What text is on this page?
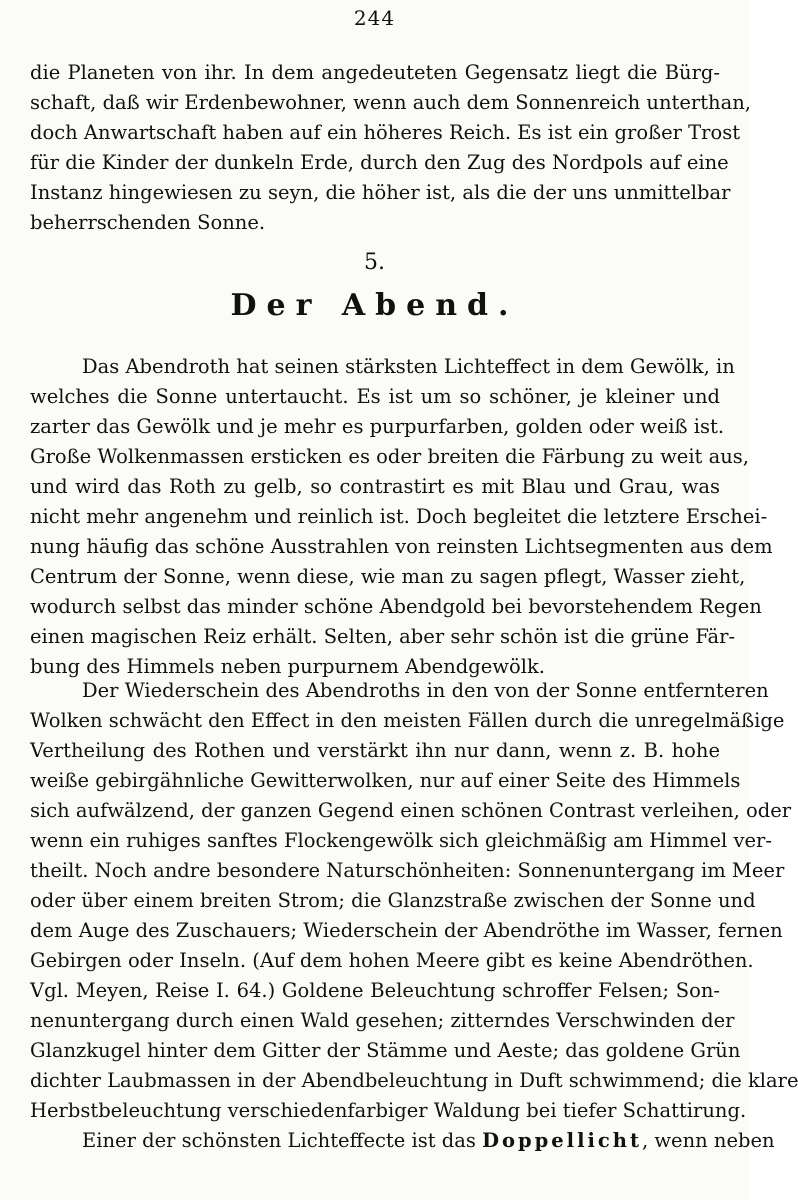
244
die Planeten von ihr. In dem angedeuteten Gegensatz liegt die Bürg-
schaft, daß wir Erdenbewohner, wenn auch dem Sonnenreich unterthan,
doch Anwartschaft haben auf ein höheres Reich. Es ist ein großer Trost
für die Kinder der dunkeln Erde, durch den Zug des Nordpols auf eine
Instanz hingewiesen zu seyn, die höher ist, als die der uns unmittelbar
beherrschenden Sonne.
5.
Der Abend.
Das Abendroth hat seinen stärksten Lichteffect in dem Gewölk, in
welches die Sonne untertaucht. Es ist um so schöner, je kleiner und
zarter das Gewölk und je mehr es purpurfarben, golden oder weiß ist.
Große Wolkenmassen ersticken es oder breiten die Färbung zu weit aus,
und wird das Roth zu gelb, so contrastirt es mit Blau und Grau, was
nicht mehr angenehm und reinlich ist. Doch begleitet die letztere Erschei-
nung häufig das schöne Ausstrahlen von reinsten Lichtsegmenten aus dem
Centrum der Sonne, wenn diese, wie man zu sagen pflegt, Wasser zieht,
wodurch selbst das minder schöne Abendgold bei bevorstehendem Regen
einen magischen Reiz erhält. Selten, aber sehr schön ist die grüne Fär-
bung des Himmels neben purpurnem Abendgewölk.
Der Wiederschein des Abendroths in den von der Sonne entfernteren
Wolken schwächt den Effect in den meisten Fällen durch die unregelmäßige
Vertheilung des Rothen und verstärkt ihn nur dann, wenn z. B. hohe
weiße gebirgähnliche Gewitterwolken, nur auf einer Seite des Himmels
sich aufwälzend, der ganzen Gegend einen schönen Contrast verleihen, oder
wenn ein ruhiges sanftes Flockengewölk sich gleichmäßig am Himmel ver-
theilt. Noch andre besondere Naturschönheiten: Sonnenuntergang im Meer
oder über einem breiten Strom; die Glanzstraße zwischen der Sonne und
dem Auge des Zuschauers; Wiederschein der Abendröthe im Wasser, fernen
Gebirgen oder Inseln. (Auf dem hohen Meere gibt es keine Abendröthen.
Vgl. Meyen, Reise I. 64.) Goldene Beleuchtung schroffer Felsen; Son-
nenuntergang durch einen Wald gesehen; zitterndes Verschwinden der
Glanzkugel hinter dem Gitter der Stämme und Aeste; das goldene Grün
dichter Laubmassen in der Abendbeleuchtung in Duft schwimmend; die klare
Herbstbeleuchtung verschiedenfarbiger Waldung bei tiefer Schattirung.
Einer der schönsten Lichteffecte ist das Doppellicht, wenn neben
